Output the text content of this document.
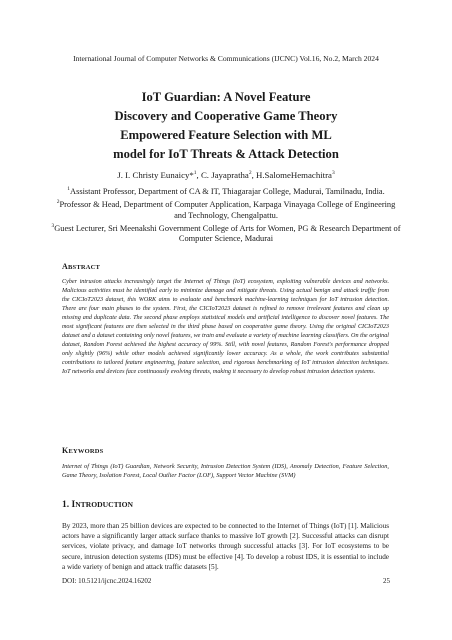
International Journal of Computer Networks & Communications (IJCNC) Vol.16, No.2, March 2024
IoT Guardian: A Novel Feature
Discovery and Cooperative Game Theory
Empowered Feature Selection with ML
model for IoT Threats & Attack Detection
J. I. Christy Eunaicy*$^1$, C. Jayapratha$^2$, H.SalomeHemachitra$^3$
$^1$Assistant Professor, Department of CA & IT, Thiagarajar College, Madurai, Tamilnadu, India.
$^2$Professor & Head, Department of Computer Application, Karpaga Vinayaga College of Engineering and Technology, Chengalpattu.
$^3$Guest Lecturer, Sri Meenakshi Government College of Arts for Women, PG & Research Department of Computer Science, Madurai
ABSTRACT

Cyber intrusion attacks increasingly target the Internet of Things (IoT) ecosystem, exploiting vulnerable devices and networks. Malicious activities must be identified early to minimize damage and mitigate threats. Using actual benign and attack traffic from the CICIoT2023 dataset, this WORK aims to evaluate and benchmark machine-learning techniques for IoT intrusion detection. There are four main phases to the system. First, the CICIoT2023 dataset is refined to remove irrelevant features and clean up missing and duplicate data. The second phase employs statistical models and artificial intelligence to discover novel features. The most significant features are then selected in the third phase based on cooperative game theory. Using the original CICIoT2023 dataset and a dataset containing only novel features, we train and evaluate a variety of machine learning classifiers. On the original dataset, Random Forest achieved the highest accuracy of 99%. Still, with novel features, Random Forest's performance dropped only slightly (96%) while other models achieved significantly lower accuracy. As a whole, the work contributes substantial contributions to tailored feature engineering, feature selection, and rigorous benchmarking of IoT intrusion detection techniques. IoT networks and devices face continuously evolving threats, making it necessary to develop robust intrusion detection systems.

KEYWORDS

Internet of Things (IoT) Guardian, Network Security, Intrusion Detection System (IDS), Anomaly Detection, Feature Selection, Game Theory, Isolation Forest, Local Outlier Factor (LOF), Support Vector Machine (SVM)

1. INTRODUCTION

By 2023, more than 25 billion devices are expected to be connected to the Internet of Things (IoT) [1]. Malicious actors have a significantly larger attack surface thanks to massive IoT growth [2]. Successful attacks can disrupt services, violate privacy, and damage IoT networks through successful attacks [3]. For IoT ecosystems to be secure, intrusion detection systems (IDS) must be effective [4]. To develop a robust IDS, it is essential to include a wide variety of benign and attack traffic datasets [5].

DOI: 10.5121/ijcnc.2024.16202	25
